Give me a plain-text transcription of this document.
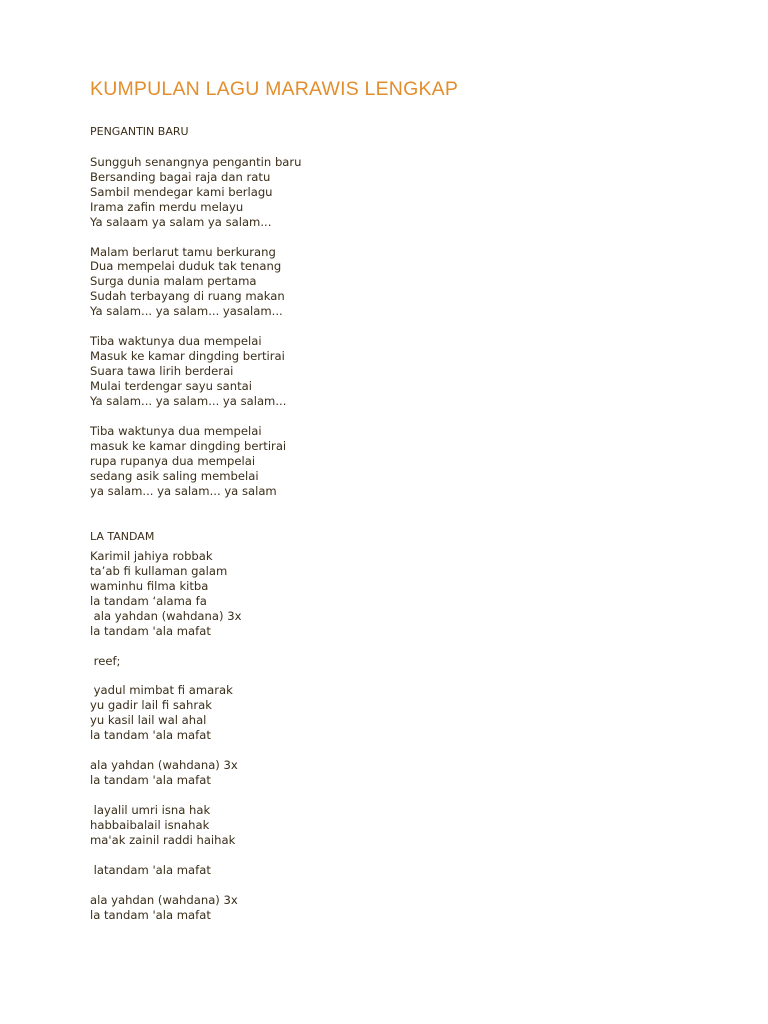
KUMPULAN LAGU MARAWIS LENGKAP
PENGANTIN BARU
Sungguh senangnya pengantin baru
Bersanding bagai raja dan ratu
Sambil mendegar kami berlagu
Irama zafin merdu melayu
Ya salaam ya salam ya salam...
Malam berlarut tamu berkurang
Dua mempelai duduk tak tenang
Surga dunia malam pertama
Sudah terbayang di ruang makan
Ya salam... ya salam... yasalam...
Tiba waktunya dua mempelai
Masuk ke kamar dingding bertirai
Suara tawa lirih berderai
Mulai terdengar sayu santai
Ya salam... ya salam... ya salam...
Tiba waktunya dua mempelai
masuk ke kamar dingding bertirai
rupa rupanya dua mempelai
sedang asik saling membelai
ya salam... ya salam... ya salam
LA TANDAM
Karimil jahiya robbak
ta’ab fi kullaman galam
waminhu filma kitba
la tandam ‘alama fa
ala yahdan (wahdana) 3x
la tandam 'ala mafat
reef;
yadul mimbat fi amarak
yu gadir lail fi sahrak
yu kasil lail wal ahal
la tandam 'ala mafat
ala yahdan (wahdana) 3x
la tandam 'ala mafat
layalil umri isna hak
habbaibalail isnahak
ma'ak zainil raddi haihak
latandam 'ala mafat
ala yahdan (wahdana) 3x
la tandam 'ala mafat
